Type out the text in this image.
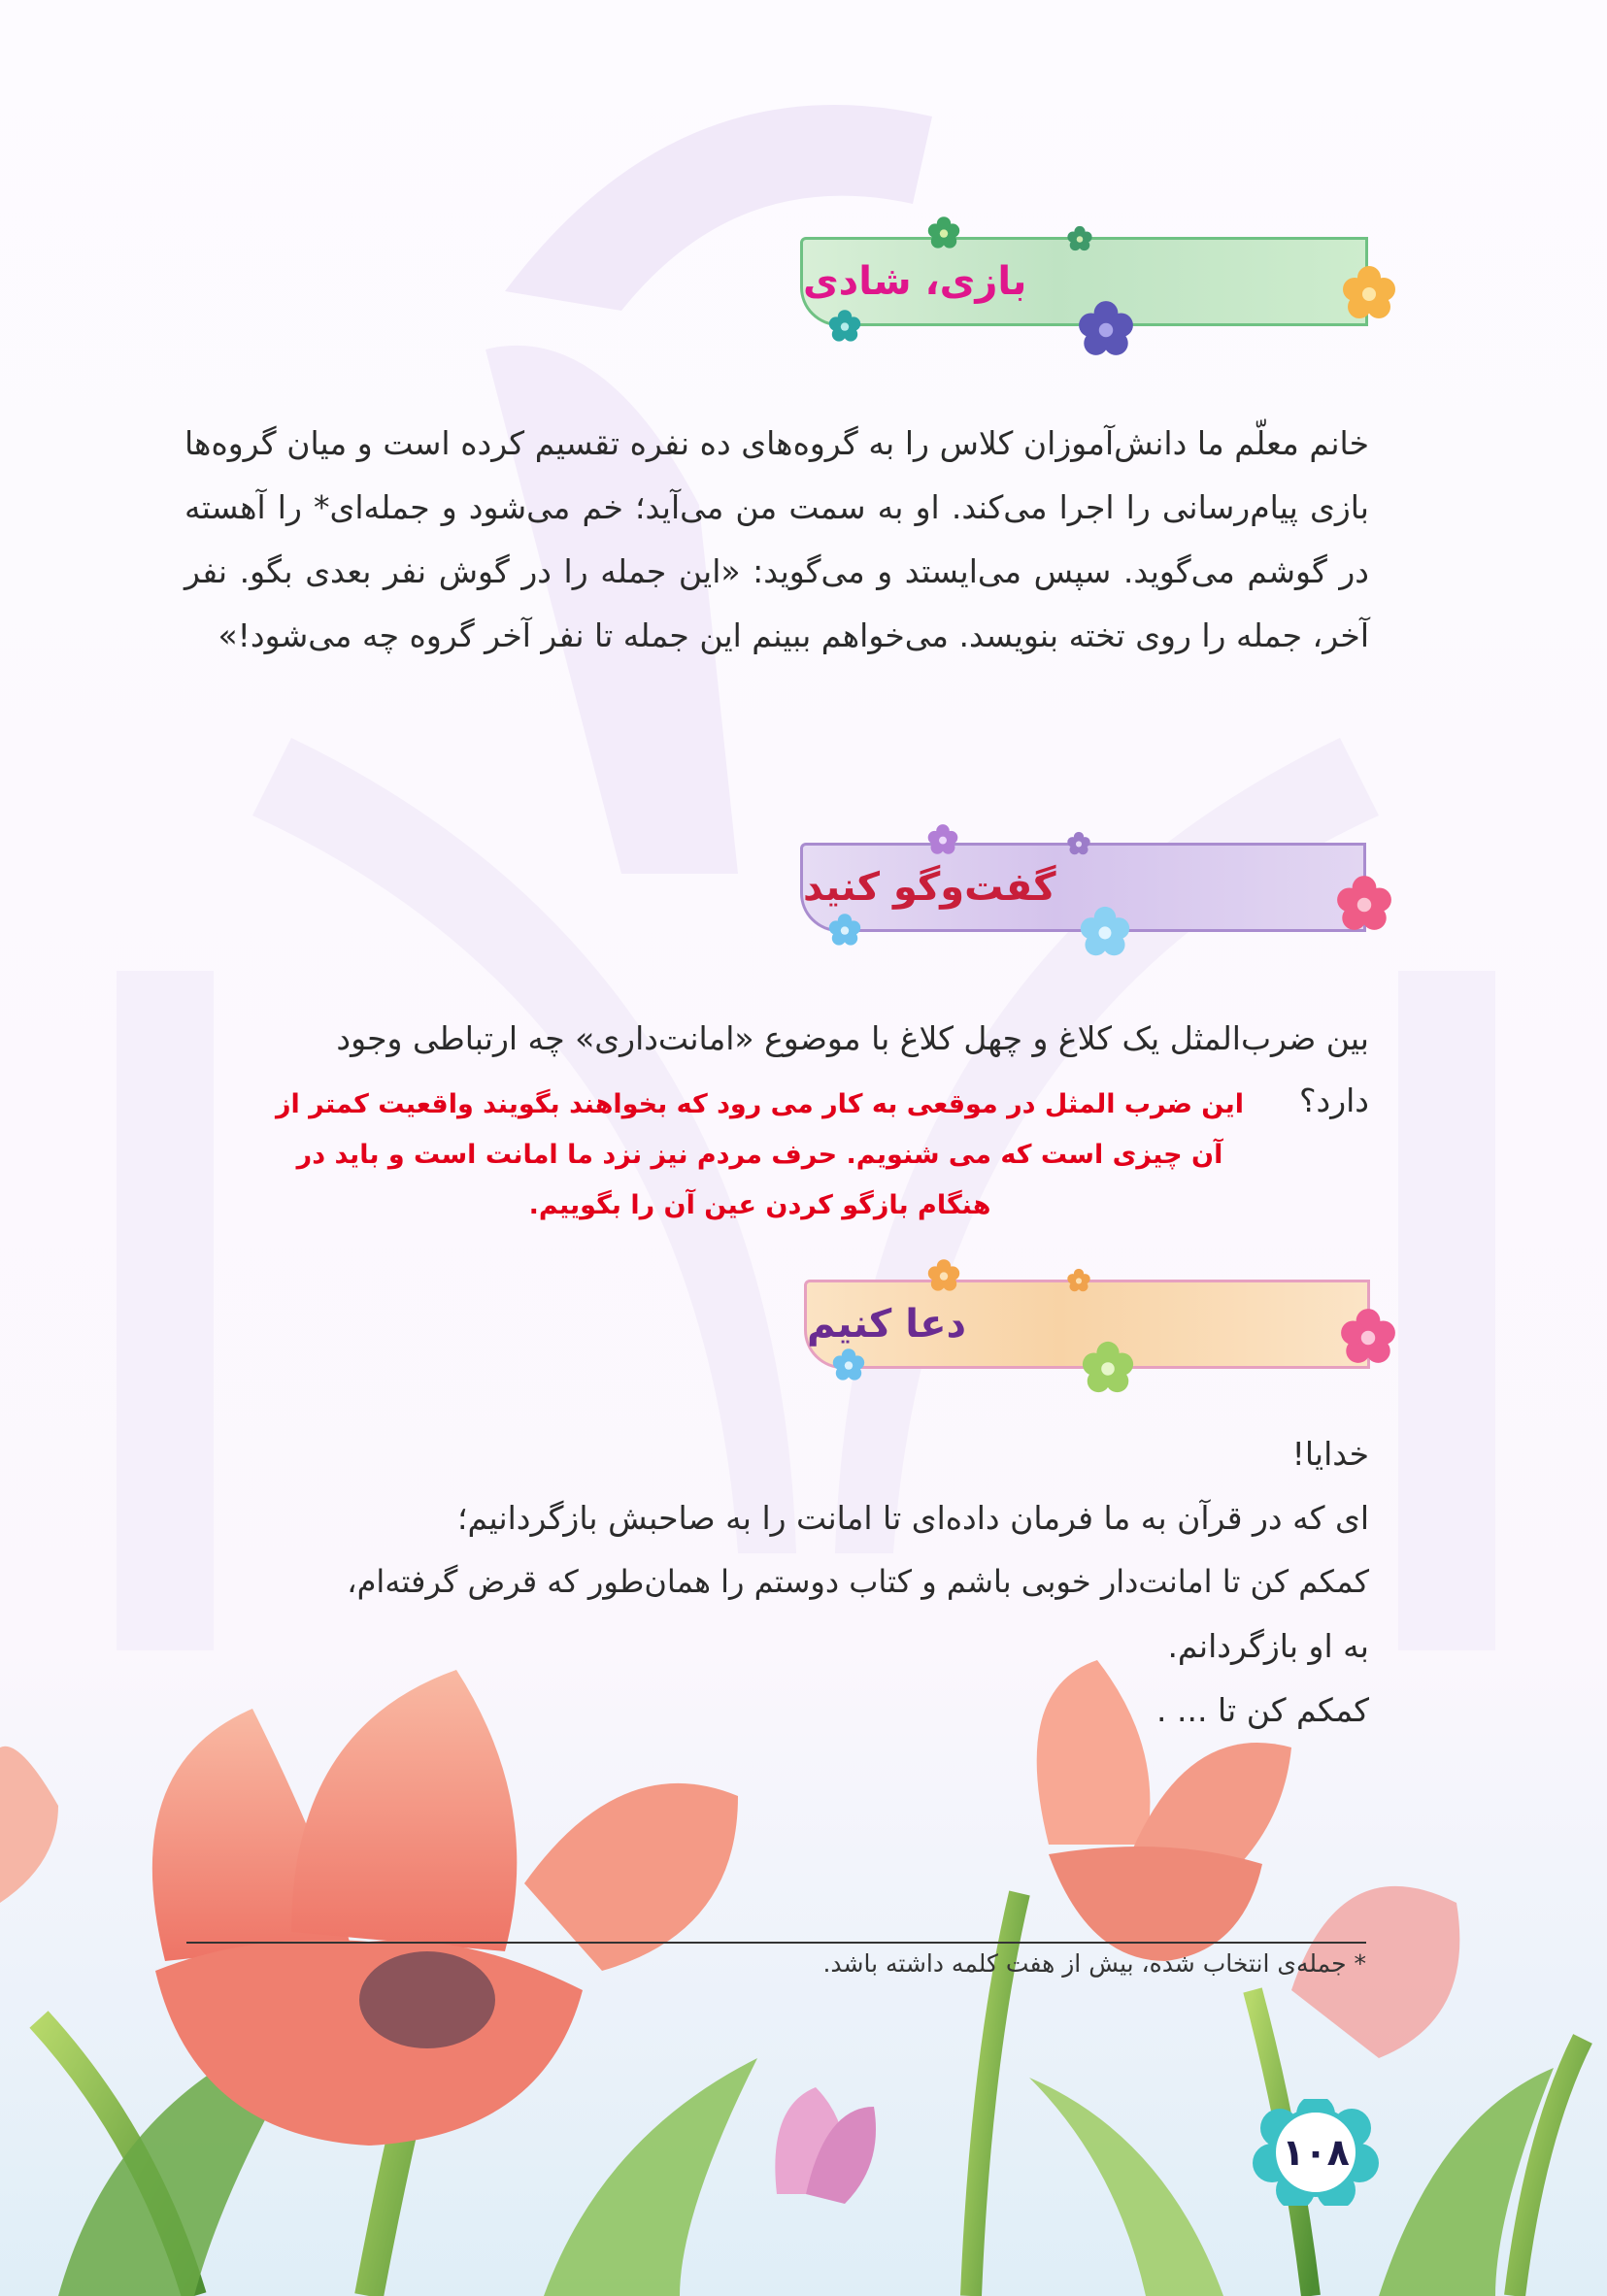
بازی، شادی

خانم معلّم ما دانش‌آموزان کلاس را به گروه‌های ده نفره تقسیم کرده است و میان گروه‌ها بازی پیام‌رسانی را اجرا می‌کند. او به سمت من می‌آید؛ خم می‌شود و جمله‌ای* را آهسته در گوشم می‌گوید. سپس می‌ایستد و می‌گوید: «این جمله را در گوش نفر بعدی بگو. نفر آخر، جمله را روی تخته بنویسد. می‌خواهم ببینم این جمله تا نفر آخر گروه چه می‌شود!»

گفت‌وگو کنید

بین ضرب‌المثل یک کلاغ و چهل کلاغ با موضوع «امانت‌داری» چه ارتباطی وجود

دارد؟

این ضرب المثل در موقعی به کار می رود که بخواهند بگویند واقعیت کمتر از آن چیزی است که می شنویم. حرف مردم نیز نزد ما امانت است و باید در هنگام بازگو کردن عین آن را بگوییم.

دعا کنیم

خدایا!

ای که در قرآن به ما فرمان داده‌ای تا امانت را به صاحبش بازگردانیم؛

کمکم کن تا امانت‌دار خوبی باشم و کتاب دوستم را همان‌طور که قرض گرفته‌ام،

به او بازگردانم.

کمکم کن تا ... .

* جمله‌ی انتخاب شده، بیش از هفت کلمه داشته باشد.

۱۰۸
